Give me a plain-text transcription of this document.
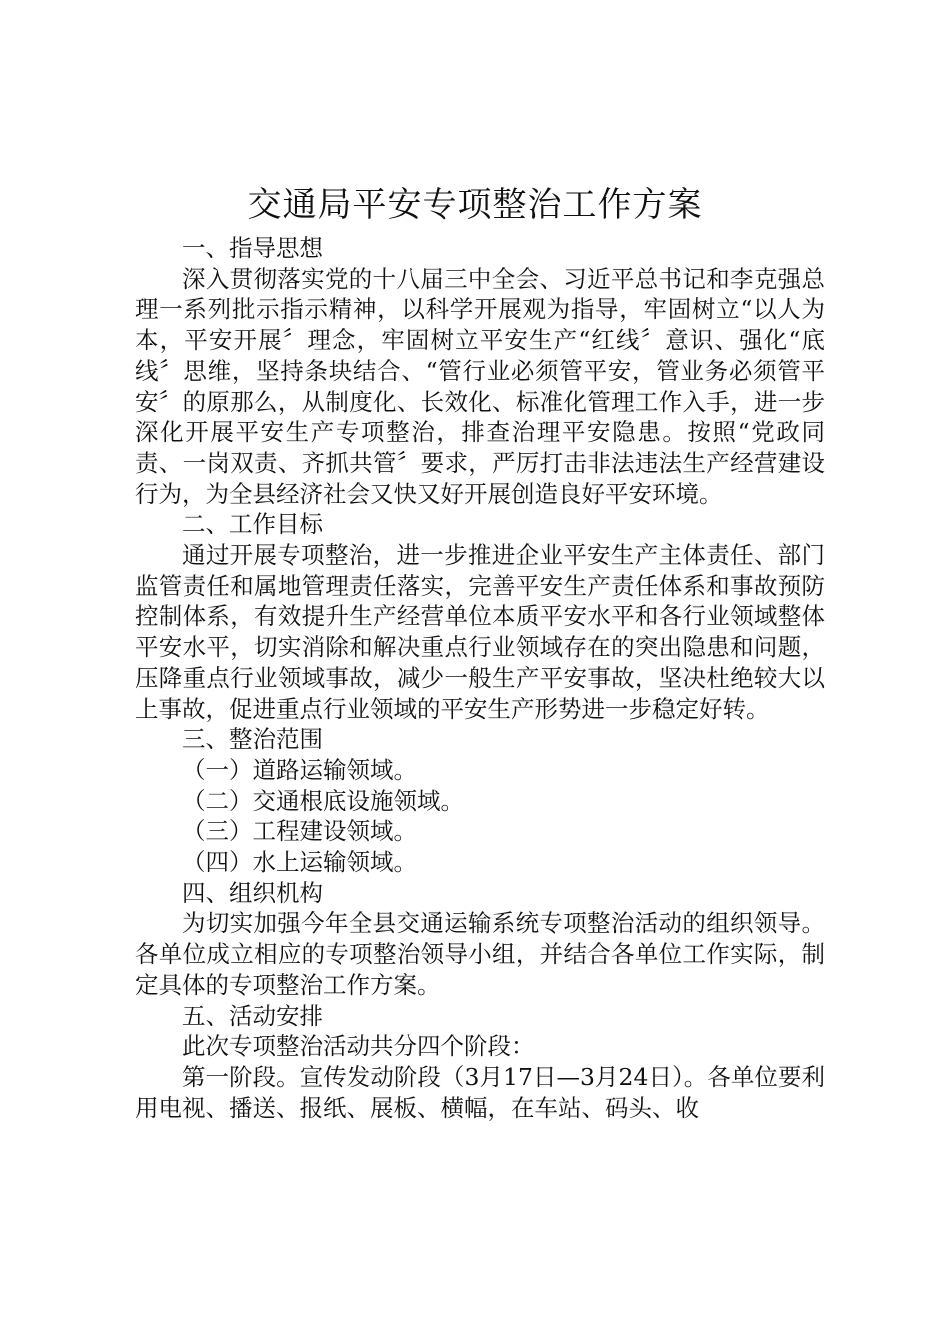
交通局平安专项整治工作方案

一、指导思想

深入贯彻落实党的十八届三中全会、习近平总书记和李克强总理一系列批示指示精神，以科学开展观为指导，牢固树立“以人为本，平安开展〞理念，牢固树立平安生产“红线〞意识、强化“底线〞思维，坚持条块结合、“管行业必须管平安，管业务必须管平安〞的原那么，从制度化、长效化、标准化管理工作入手，进一步深化开展平安生产专项整治，排查治理平安隐患。按照“党政同责、一岗双责、齐抓共管〞要求，严厉打击非法违法生产经营建设行为，为全县经济社会又快又好开展创造良好平安环境。

二、工作目标

通过开展专项整治，进一步推进企业平安生产主体责任、部门监管责任和属地管理责任落实，完善平安生产责任体系和事故预防控制体系，有效提升生产经营单位本质平安水平和各行业领域整体平安水平，切实消除和解决重点行业领域存在的突出隐患和问题，压降重点行业领域事故，减少一般生产平安事故，坚决杜绝较大以上事故，促进重点行业领域的平安生产形势进一步稳定好转。

三、整治范围

（一）道路运输领域。

（二）交通根底设施领域。

（三）工程建设领域。

（四）水上运输领域。

四、组织机构

为切实加强今年全县交通运输系统专项整治活动的组织领导。各单位成立相应的专项整治领导小组，并结合各单位工作实际，制定具体的专项整治工作方案。

五、活动安排

此次专项整治活动共分四个阶段：

第一阶段。宣传发动阶段（3月17日—3月24日）。各单位要利用电视、播送、报纸、展板、横幅，在车站、码头、收
